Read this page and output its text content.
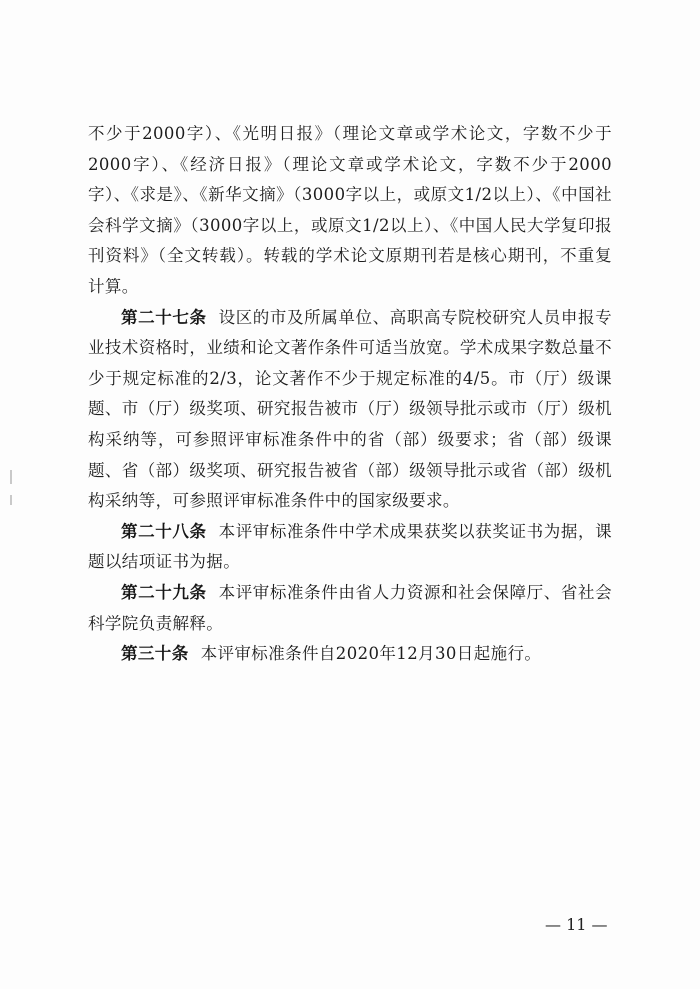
不少于2000字）、《光明日报》（理论文章或学术论文，字数不少于2000字）、《经济日报》（理论文章或学术论文，字数不少于2000字）、《求是》、《新华文摘》（3000字以上，或原文1/2以上）、《中国社会科学文摘》（3000字以上，或原文1/2以上）、《中国人民大学复印报刊资料》（全文转载）。转载的学术论文原期刊若是核心期刊，不重复计算。

第二十七条 设区的市及所属单位、高职高专院校研究人员申报专业技术资格时，业绩和论文著作条件可适当放宽。学术成果字数总量不少于规定标准的2/3，论文著作不少于规定标准的4/5。市（厅）级课题、市（厅）级奖项、研究报告被市（厅）级领导批示或市（厅）级机构采纳等，可参照评审标准条件中的省（部）级要求；省（部）级课题、省（部）级奖项、研究报告被省（部）级领导批示或省（部）级机构采纳等，可参照评审标准条件中的国家级要求。

第二十八条 本评审标准条件中学术成果获奖以获奖证书为据，课题以结项证书为据。

第二十九条 本评审标准条件由省人力资源和社会保障厅、省社会科学院负责解释。

第三十条 本评审标准条件自2020年12月30日起施行。

— 11 —
